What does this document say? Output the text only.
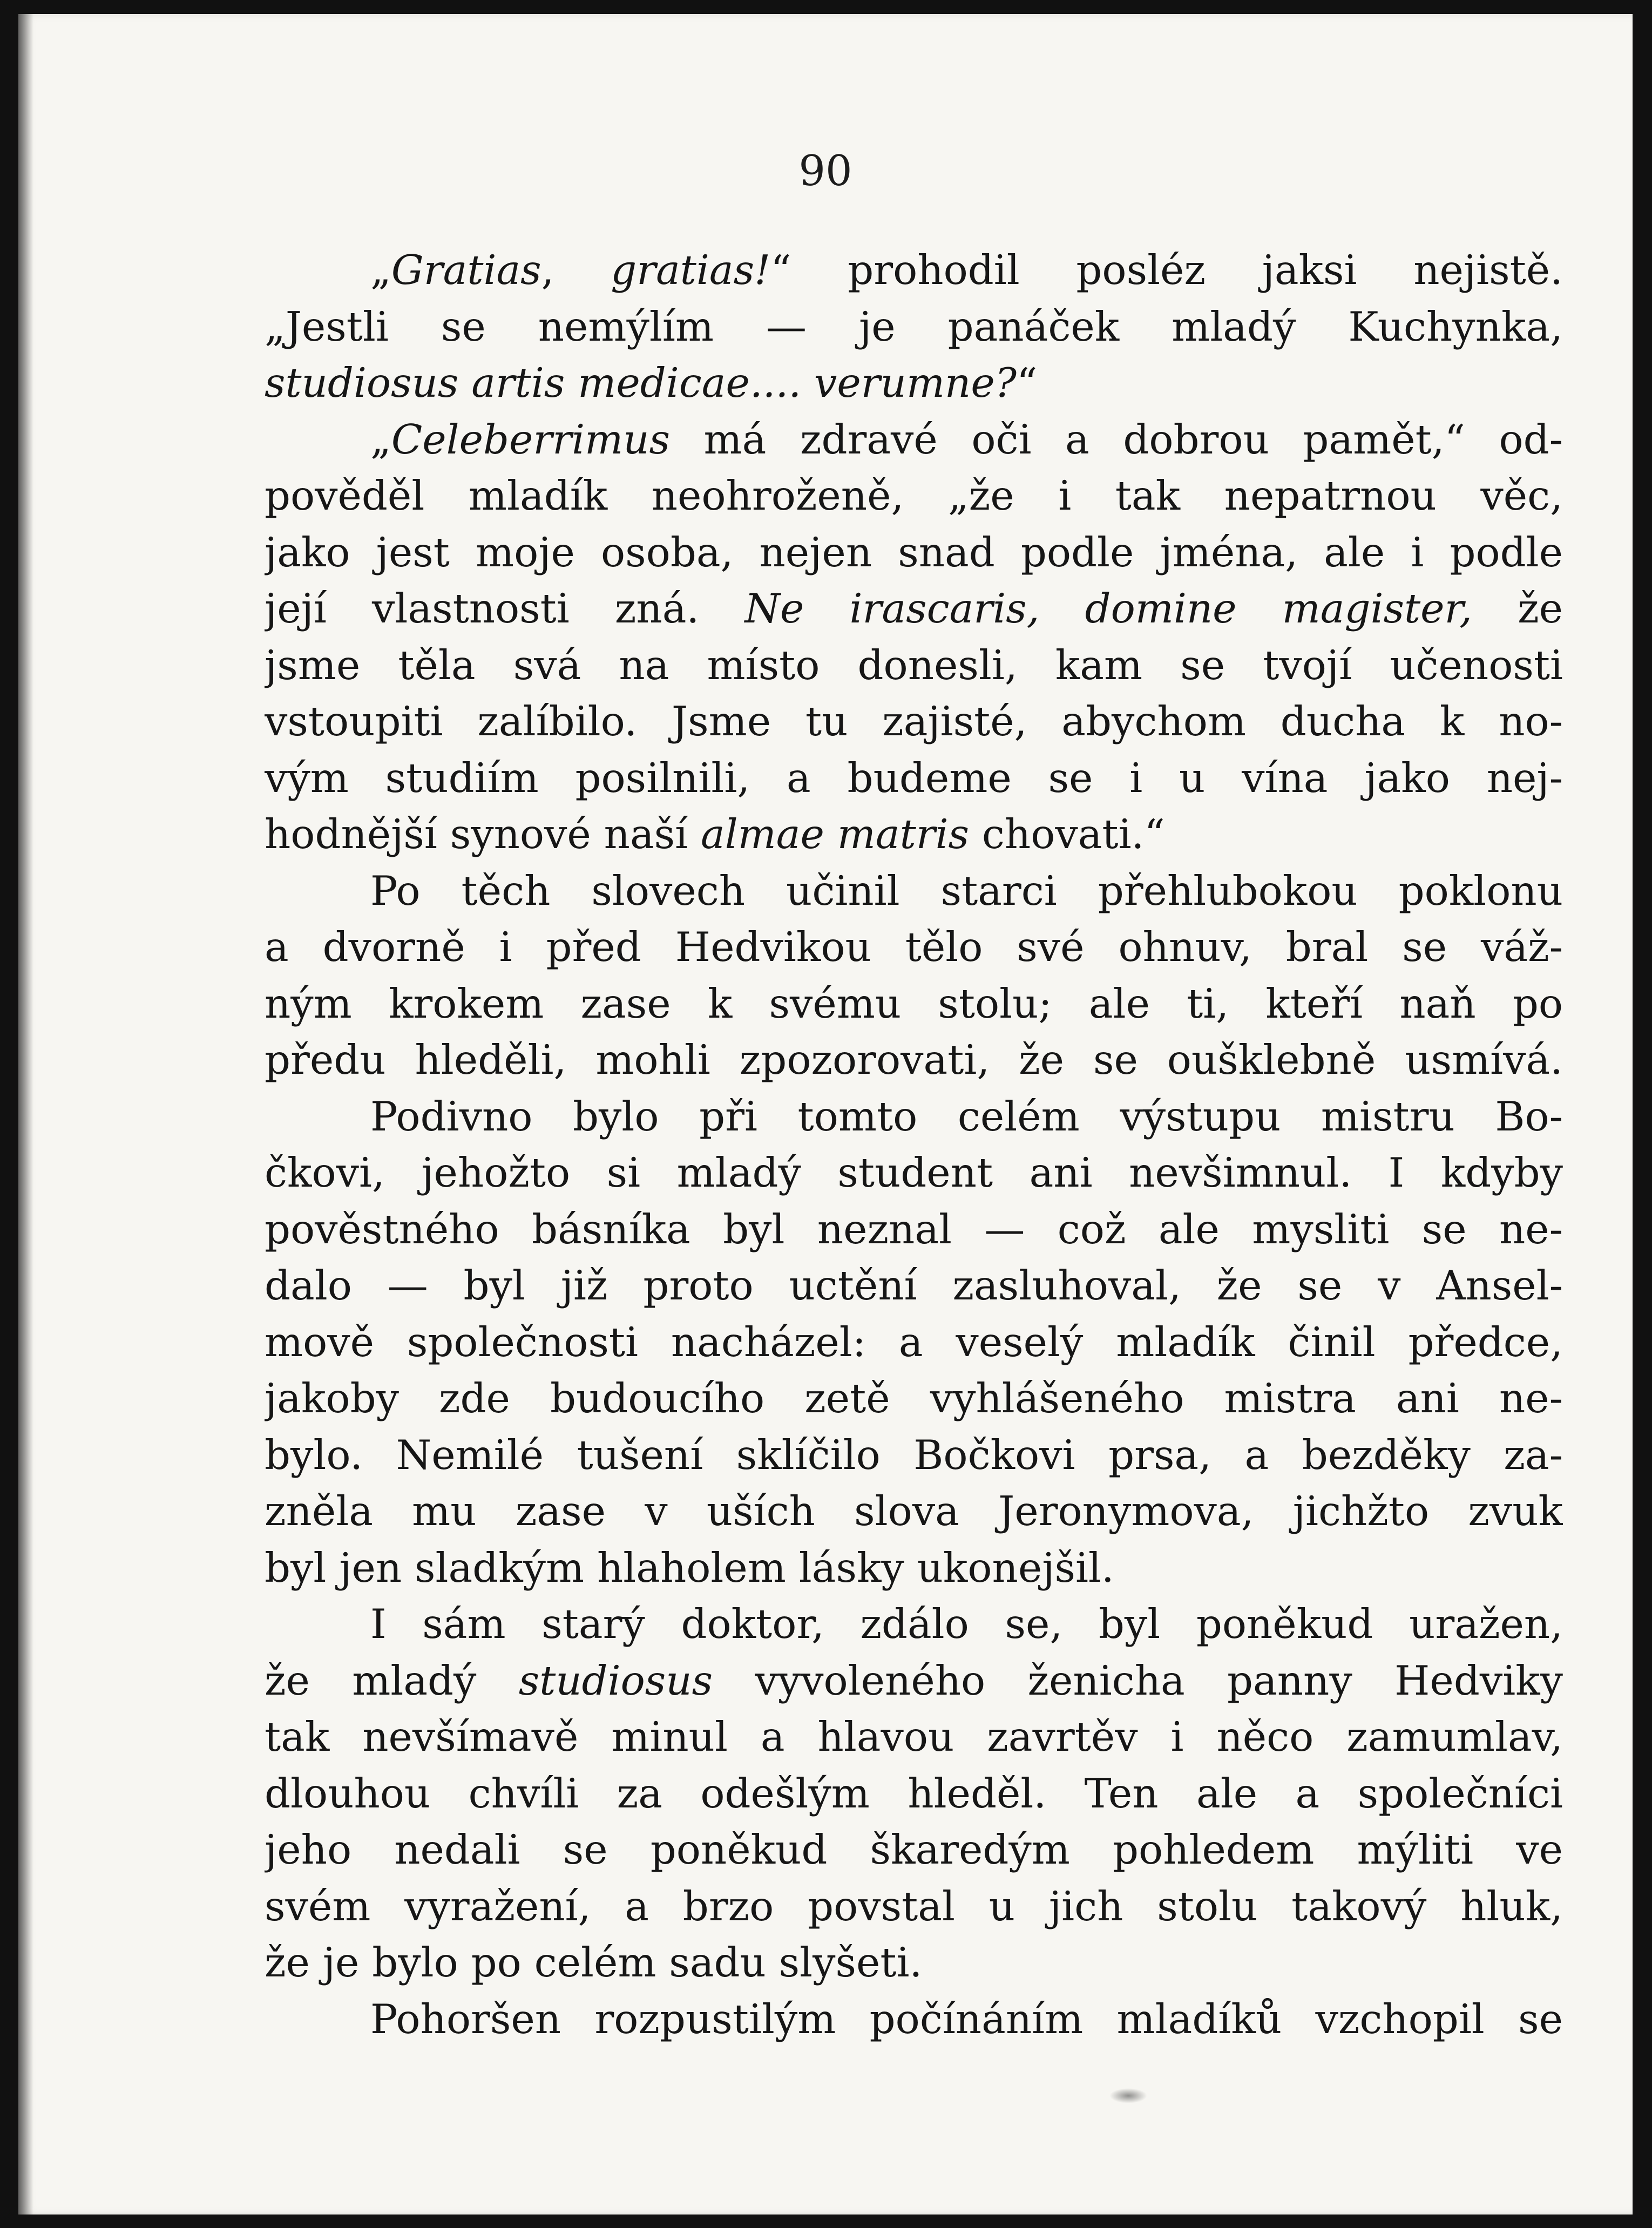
90
„Gratias, gratias!“ prohodil posléz jaksi nejistě.
„Jestli se nemýlím — je panáček mladý Kuchynka,
studiosus artis medicae.... verumne?“
„Celeberrimus má zdravé oči a dobrou pamět,“ od-
pověděl mladík neohroženě, „že i tak nepatrnou věc,
jako jest moje osoba, nejen snad podle jména, ale i podle
její vlastnosti zná. Ne irascaris, domine magister, že
jsme těla svá na místo donesli, kam se tvojí učenosti
vstoupiti zalíbilo. Jsme tu zajisté, abychom ducha k no-
vým studiím posilnili, a budeme se i u vína jako nej-
hodnější synové naší almae matris chovati.“
Po těch slovech učinil starci přehlubokou poklonu
a dvorně i před Hedvikou tělo své ohnuv, bral se váž-
ným krokem zase k svému stolu; ale ti, kteří naň po
předu hleděli, mohli zpozorovati, že se oušklebně usmívá.
Podivno bylo při tomto celém výstupu mistru Bo-
čkovi, jehožto si mladý student ani nevšimnul. I kdyby
pověstného básníka byl neznal — což ale mysliti se ne-
dalo — byl již proto uctění zasluhoval, že se v Ansel-
mově společnosti nacházel: a veselý mladík činil předce,
jakoby zde budoucího zetě vyhlášeného mistra ani ne-
bylo. Nemilé tušení sklíčilo Bočkovi prsa, a bezděky za-
zněla mu zase v uších slova Jeronymova, jichžto zvuk
byl jen sladkým hlaholem lásky ukonejšil.
I sám starý doktor, zdálo se, byl poněkud uražen,
že mladý studiosus vyvoleného ženicha panny Hedviky
tak nevšímavě minul a hlavou zavrtěv i něco zamumlav,
dlouhou chvíli za odešlým hleděl. Ten ale a společníci
jeho nedali se poněkud škaredým pohledem mýliti ve
svém vyražení, a brzo povstal u jich stolu takový hluk,
že je bylo po celém sadu slyšeti.
Pohoršen rozpustilým počínáním mladíků vzchopil se
